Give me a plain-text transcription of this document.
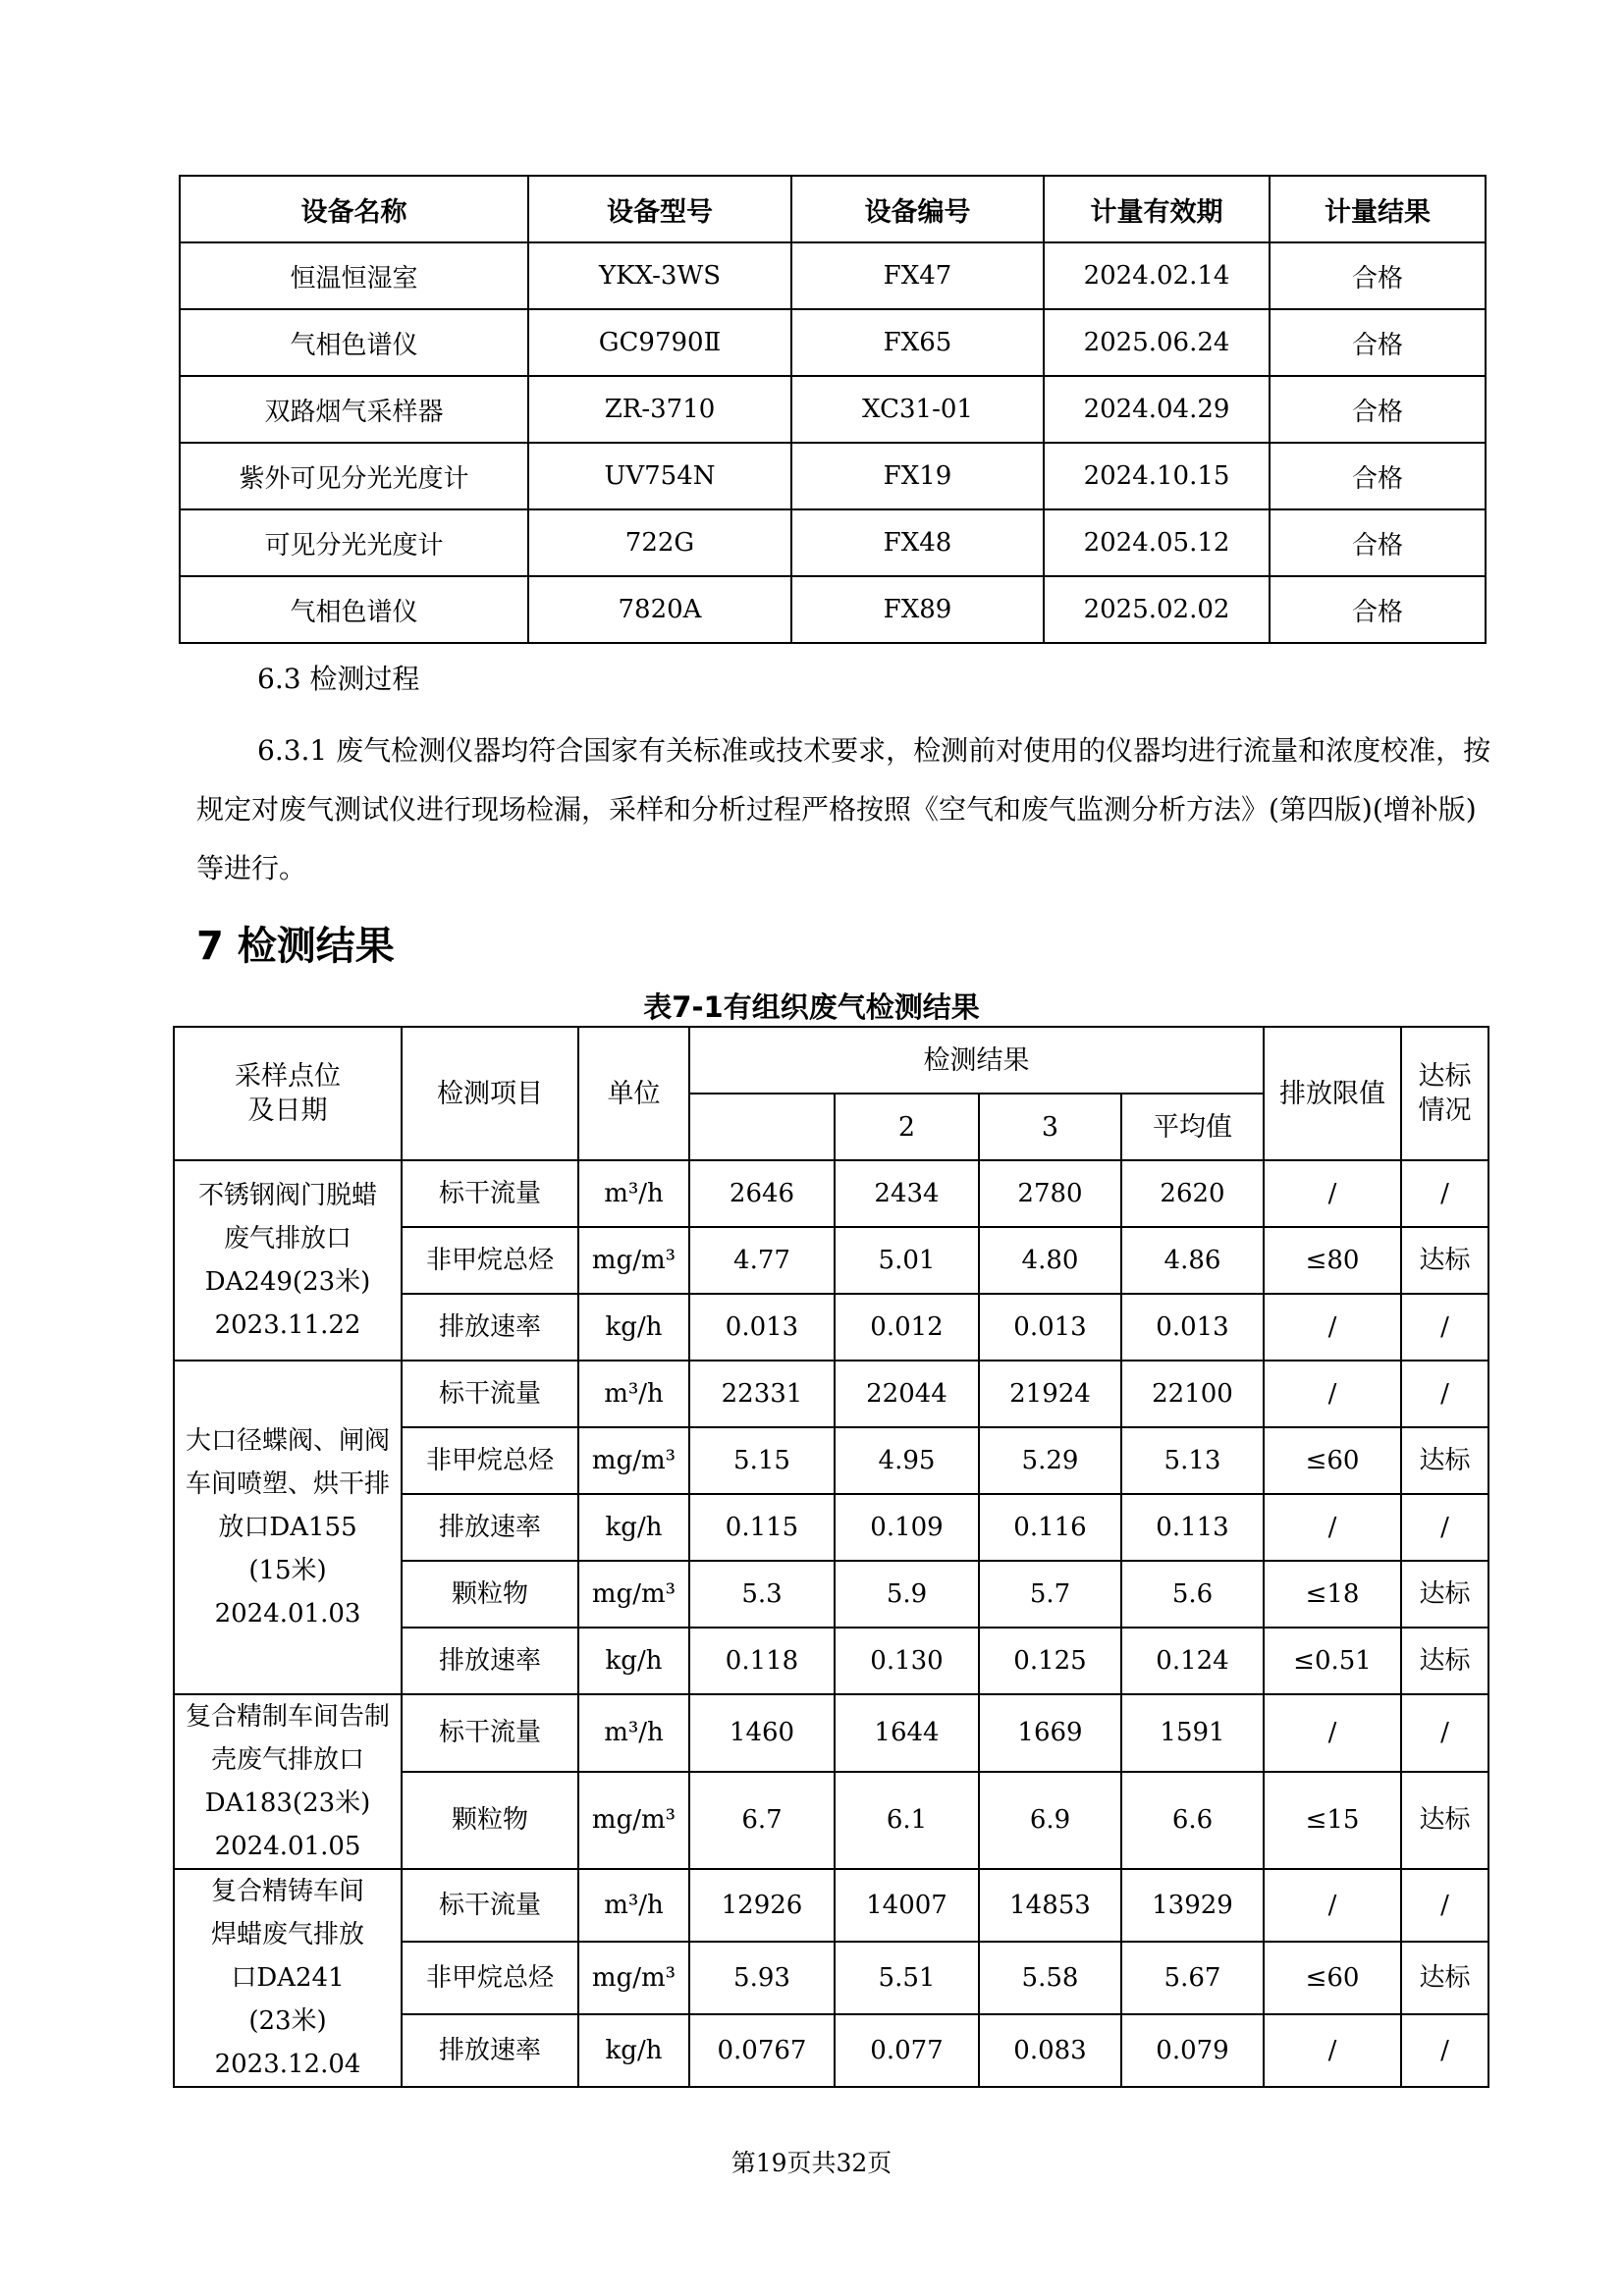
设备名称	设备型号	设备编号	计量有效期	计量结果
恒温恒湿室	YKX-3WS	FX47	2024.02.14	合格
气相色谱仪	GC9790Ⅱ	FX65	2025.06.24	合格
双路烟气采样器	ZR-3710	XC31-01	2024.04.29	合格
紫外可见分光光度计	UV754N	FX19	2024.10.15	合格
可见分光光度计	722G	FX48	2024.05.12	合格
气相色谱仪	7820A	FX89	2025.02.02	合格
6.3 检测过程

6.3.1 废气检测仪器均符合国家有关标准或技术要求，检测前对使用的仪器均进行流量和浓度校准，按规定对废气测试仪进行现场检漏，采样和分析过程严格按照《空气和废气监测分析方法》(第四版)(增补版)等进行。

7 检测结果
表7-1有组织废气检测结果
采样点位
及日期	检测项目	单位	检测结果				排放限值	达标
情况
				2	3	平均值		
不锈钢阀门脱蜡
废气排放口
DA249(23米)
2023.11.22	标干流量	m³/h	2646	2434	2780	2620	/	/
	非甲烷总烃	mg/m³	4.77	5.01	4.80	4.86	≤80	达标
	排放速率	kg/h	0.013	0.012	0.013	0.013	/	/
大口径蝶阀、闸阀
车间喷塑、烘干排
放口DA155
(15米)
2024.01.03	标干流量	m³/h	22331	22044	21924	22100	/	/
	非甲烷总烃	mg/m³	5.15	4.95	5.29	5.13	≤60	达标
	排放速率	kg/h	0.115	0.109	0.116	0.113	/	/
	颗粒物	mg/m³	5.3	5.9	5.7	5.6	≤18	达标
	排放速率	kg/h	0.118	0.130	0.125	0.124	≤0.51	达标
复合精制车间告制
壳废气排放口
DA183(23米)
2024.01.05	标干流量	m³/h	1460	1644	1669	1591	/	/
	颗粒物	mg/m³	6.7	6.1	6.9	6.6	≤15	达标
复合精铸车间
焊蜡废气排放
口DA241
(23米)
2023.12.04	标干流量	m³/h	12926	14007	14853	13929	/	/
	非甲烷总烃	mg/m³	5.93	5.51	5.58	5.67	≤60	达标
	排放速率	kg/h	0.0767	0.077	0.083	0.079	/	/
第19页共32页
